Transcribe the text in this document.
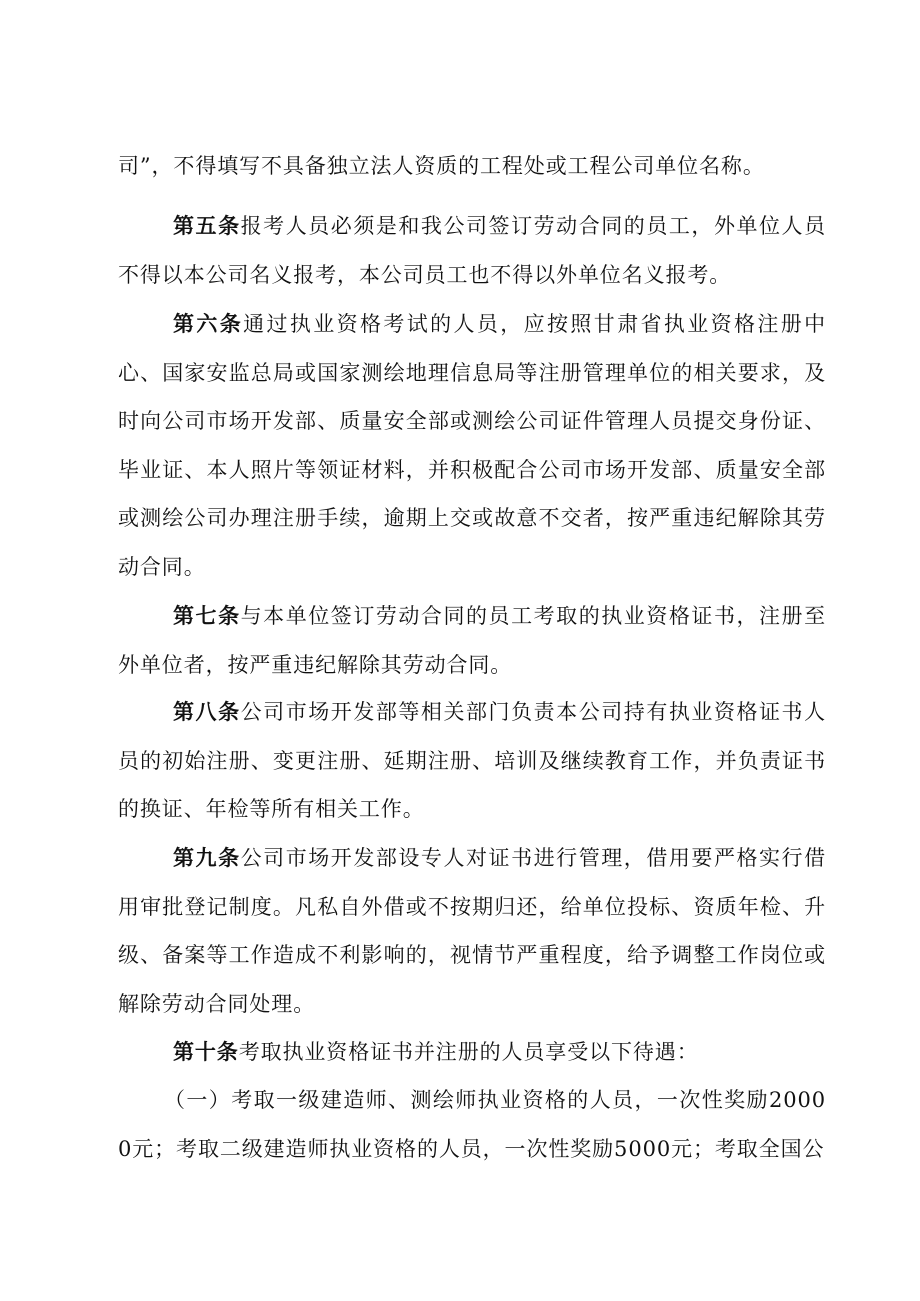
司”，不得填写不具备独立法人资质的工程处或工程公司单位名称。

第五条报考人员必须是和我公司签订劳动合同的员工，外单位人员不得以本公司名义报考，本公司员工也不得以外单位名义报考。

第六条通过执业资格考试的人员，应按照甘肃省执业资格注册中心、国家安监总局或国家测绘地理信息局等注册管理单位的相关要求，及时向公司市场开发部、质量安全部或测绘公司证件管理人员提交身份证、毕业证、本人照片等领证材料，并积极配合公司市场开发部、质量安全部或测绘公司办理注册手续，逾期上交或故意不交者，按严重违纪解除其劳动合同。

第七条与本单位签订劳动合同的员工考取的执业资格证书，注册至外单位者，按严重违纪解除其劳动合同。

第八条公司市场开发部等相关部门负责本公司持有执业资格证书人员的初始注册、变更注册、延期注册、培训及继续教育工作，并负责证书的换证、年检等所有相关工作。

第九条公司市场开发部设专人对证书进行管理，借用要严格实行借用审批登记制度。凡私自外借或不按期归还，给单位投标、资质年检、升级、备案等工作造成不利影响的，视情节严重程度，给予调整工作岗位或解除劳动合同处理。

第十条考取执业资格证书并注册的人员享受以下待遇：

（一）考取一级建造师、测绘师执业资格的人员，一次性奖励20000元；考取二级建造师执业资格的人员，一次性奖励5000元；考取全国公
